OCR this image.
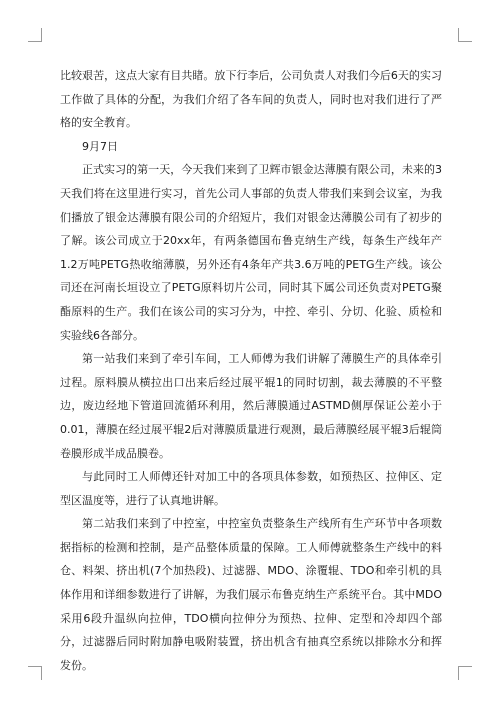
比较艰苦，这点大家有目共睹。放下行李后，公司负责人对我们今后6天的实习工作做了具体的分配，为我们介绍了各车间的负责人，同时也对我们进行了严格的安全教育。

9月7日

正式实习的第一天，今天我们来到了卫辉市银金达薄膜有限公司，未来的3天我们将在这里进行实习，首先公司人事部的负责人带我们来到会议室，为我们播放了银金达薄膜有限公司的介绍短片，我们对银金达薄膜公司有了初步的了解。该公司成立于20xx年，有两条德国布鲁克纳生产线，每条生产线年产1.2万吨PETG热收缩薄膜，另外还有4条年产共3.6万吨的PETG生产线。该公司还在河南长垣设立了PETG原料切片公司，同时其下属公司还负责对PETG聚酯原料的生产。我们在该公司的实习分为，中控、牵引、分切、化验、质检和实验线6各部分。

第一站我们来到了牵引车间，工人师傅为我们讲解了薄膜生产的具体牵引过程。原料膜从横拉出口出来后经过展平辊1的同时切割，裁去薄膜的不平整边，废边经地下管道回流循环利用，然后薄膜通过ASTMD侧厚保证公差小于0.01，薄膜在经过展平辊2后对薄膜质量进行观测，最后薄膜经展平辊3后辊筒卷膜形成半成品膜卷。

与此同时工人师傅还针对加工中的各项具体参数，如预热区、拉伸区、定型区温度等，进行了认真地讲解。

第二站我们来到了中控室，中控室负责整条生产线所有生产环节中各项数据指标的检测和控制，是产品整体质量的保障。工人师傅就整条生产线中的料仓、料架、挤出机(7个加热段)、过滤器、MDO、涂覆辊、TDO和牵引机的具体作用和详细参数进行了讲解，为我们展示布鲁克纳生产系统平台。其中MDO采用6段升温纵向拉伸，TDO横向拉伸分为预热、拉伸、定型和冷却四个部分，过滤器后同时附加静电吸附装置，挤出机含有抽真空系统以排除水分和挥发份。
